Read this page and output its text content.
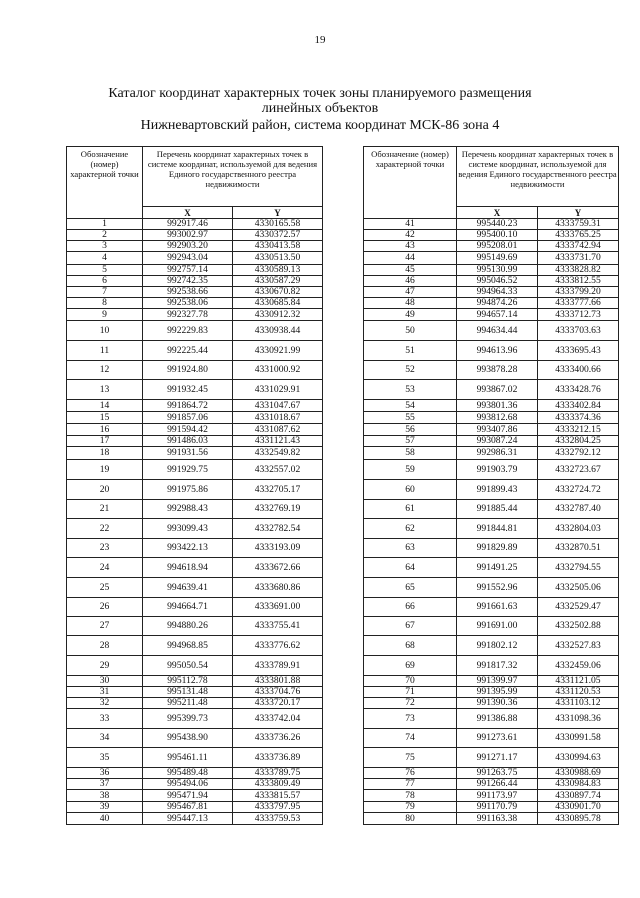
19
Каталог координат характерных точек зоны планируемого размещения
линейных объектов
Нижневартовский район, система координат МСК-86 зона 4
Обозначение (номер) характерной точки	Перечень координат характерных точек в системе координат, используемой для ведения Единого государственного реестра недвижимости	
	X	Y
1	992917.46	4330165.58
2	993002.97	4330372.57
3	992903.20	4330413.58
4	992943.04	4330513.50
5	992757.14	4330589.13
6	992742.35	4330587.29
7	992538.66	4330670.82
8	992538.06	4330685.84
9	992327.78	4330912.32
10	992229.83	4330938.44
11	992225.44	4330921.99
12	991924.80	4331000.92
13	991932.45	4331029.91
14	991864.72	4331047.67
15	991857.06	4331018.67
16	991594.42	4331087.62
17	991486.03	4331121.43
18	991931.56	4332549.82
19	991929.75	4332557.02
20	991975.86	4332705.17
21	992988.43	4332769.19
22	993099.43	4332782.54
23	993422.13	4333193.09
24	994618.94	4333672.66
25	994639.41	4333680.86
26	994664.71	4333691.00
27	994880.26	4333755.41
28	994968.85	4333776.62
29	995050.54	4333789.91
30	995112.78	4333801.88
31	995131.48	4333704.76
32	995211.48	4333720.17
33	995399.73	4333742.04
34	995438.90	4333736.26
35	995461.11	4333736.89
36	995489.48	4333789.75
37	995494.06	4333809.49
38	995471.94	4333815.57
39	995467.81	4333797.95
40	995447.13	4333759.53
Обозначение (номер) характерной точки	Перечень координат характерных точек в системе координат, используемой для ведения Единого государственного реестра недвижимости	
	X	Y
41	995440.23	4333759.31
42	995400.10	4333765.25
43	995208.01	4333742.94
44	995149.69	4333731.70
45	995130.99	4333828.82
46	995046.52	4333812.55
47	994964.33	4333799.20
48	994874.26	4333777.66
49	994657.14	4333712.73
50	994634.44	4333703.63
51	994613.96	4333695.43
52	993878.28	4333400.66
53	993867.02	4333428.76
54	993801.36	4333402.84
55	993812.68	4333374.36
56	993407.86	4333212.15
57	993087.24	4332804.25
58	992986.31	4332792.12
59	991903.79	4332723.67
60	991899.43	4332724.72
61	991885.44	4332787.40
62	991844.81	4332804.03
63	991829.89	4332870.51
64	991491.25	4332794.55
65	991552.96	4332505.06
66	991661.63	4332529.47
67	991691.00	4332502.88
68	991802.12	4332527.83
69	991817.32	4332459.06
70	991399.97	4331121.05
71	991395.99	4331120.53
72	991390.36	4331103.12
73	991386.88	4331098.36
74	991273.61	4330991.58
75	991271.17	4330994.63
76	991263.75	4330988.69
77	991266.44	4330984.83
78	991173.97	4330897.74
79	991170.79	4330901.70
80	991163.38	4330895.78
